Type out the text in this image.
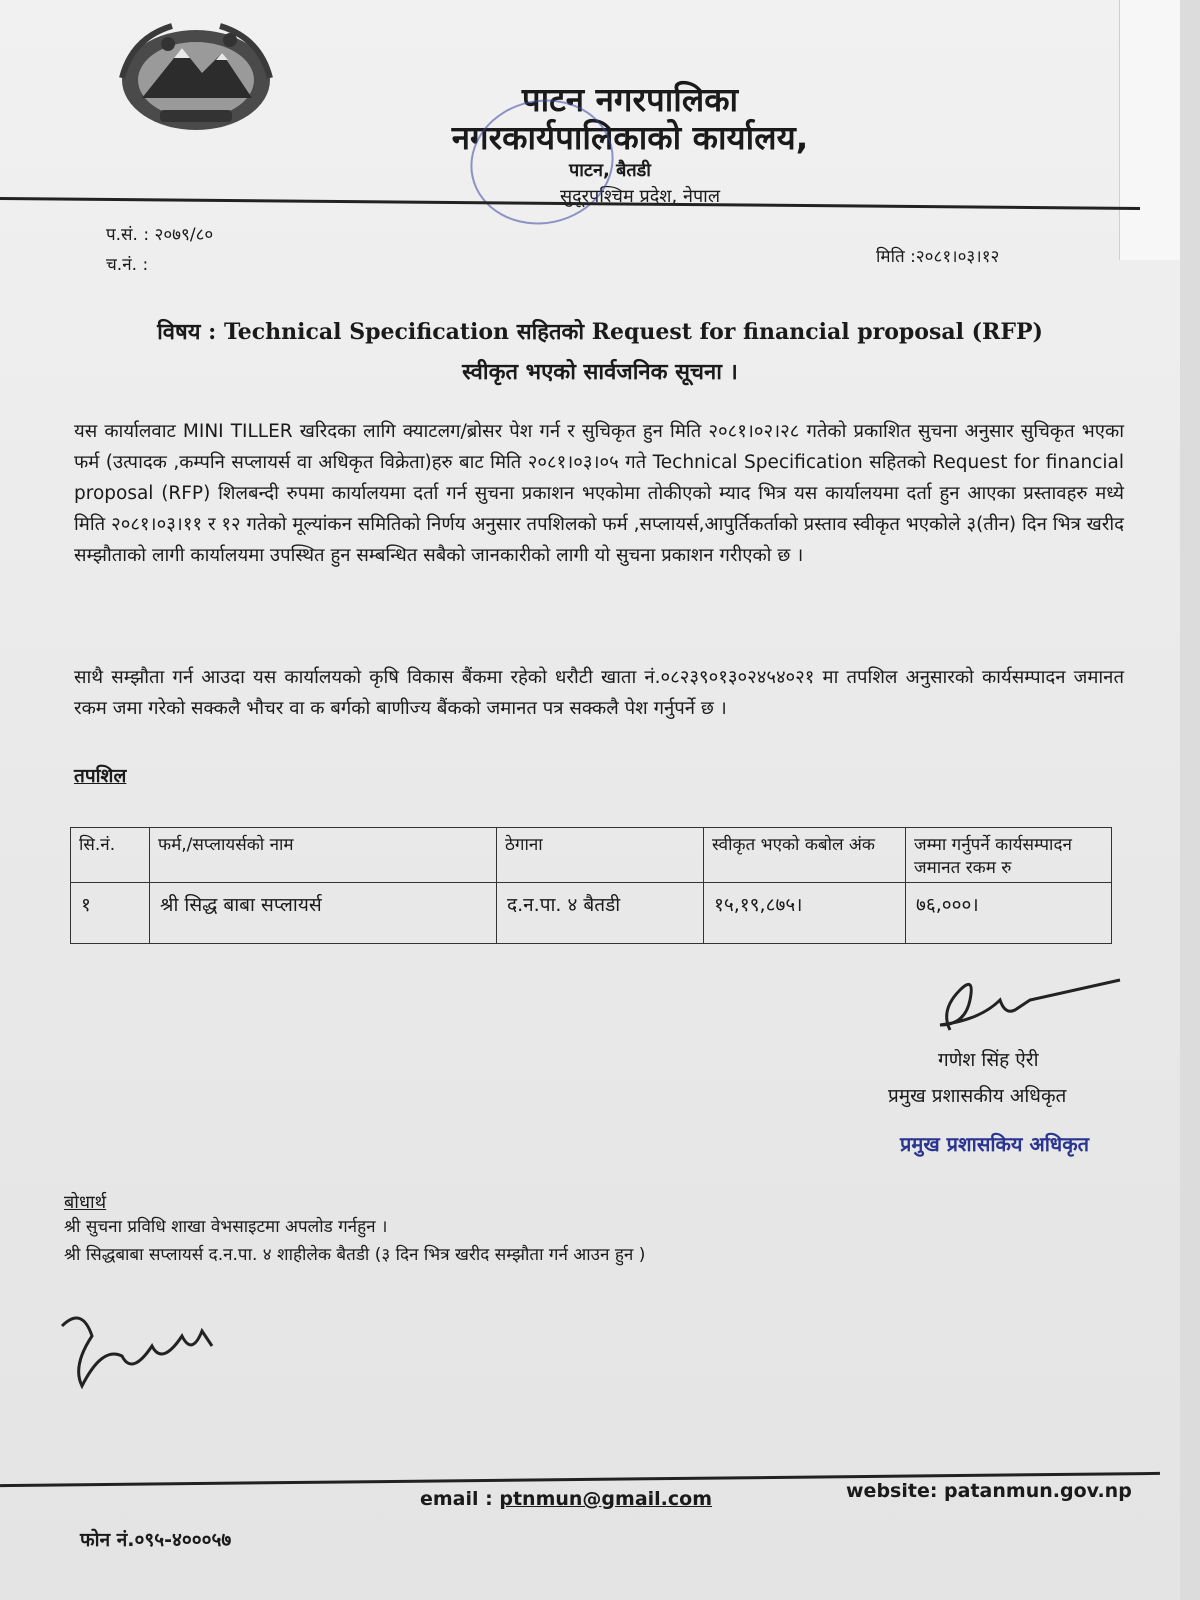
पाटन नगरपालिका
नगरकार्यपालिकाको कार्यालय,
पाटन, बैतडी
सुदूरपश्चिम प्रदेश, नेपाल
प.सं. : २०७९/८०
च.नं. :	मिति :२०८१।०३।१२
विषय : Technical Specification सहितको Request for financial proposal (RFP)
स्वीकृत भएको सार्वजनिक सूचना ।
यस कार्यालवाट MINI TILLER खरिदका लागि क्याटलग/ब्रोसर पेश गर्न र सुचिकृत हुन मिति २०८१।०२।२८ गतेको प्रकाशित सुचना अनुसार सुचिकृत भएका फर्म (उत्पादक ,कम्पनि सप्लायर्स वा अधिकृत विक्रेता)हरु बाट मिति २०८१।०३।०५ गते Technical Specification सहितको Request for financial proposal (RFP) शिलबन्दी रुपमा कार्यालयमा दर्ता गर्न सुचना प्रकाशन भएकोमा तोकीएको म्याद भित्र यस कार्यालयमा दर्ता हुन आएका प्रस्तावहरु मध्ये मिति २०८१।०३।११ र १२ गतेको मूल्यांकन समितिको निर्णय अनुसार तपशिलको फर्म ,सप्लायर्स,आपुर्तिकर्ताको प्रस्ताव स्वीकृत भएकोले ३(तीन) दिन भित्र खरीद सम्झौताको लागी कार्यालयमा उपस्थित हुन सम्बन्धित सबैको जानकारीको लागी यो सुचना प्रकाशन गरीएको छ ।
साथै सम्झौता गर्न आउदा यस कार्यालयको कृषि विकास बैंकमा रहेको धरौटी खाता नं.०८२३९०१३०२४५४०२१ मा तपशिल अनुसारको कार्यसम्पादन जमानत रकम जमा गरेको सक्कलै भौचर वा क बर्गको बाणीज्य बैंकको जमानत पत्र सक्कलै पेश गर्नुपर्ने छ ।
तपशिल
सि.नं.	फर्म,/सप्लायर्सको नाम	ठेगाना	स्वीकृत भएको कबोल अंक	जम्मा गर्नुपर्ने कार्यसम्पादन जमानत रकम रु
१	श्री सिद्ध बाबा सप्लायर्स	द.न.पा. ४ बैतडी	१५,१९,८७५।	७६,०००।
गणेश सिंह ऐरी
प्रमुख प्रशासकीय अधिकृत
प्रमुख प्रशासकिय अधिकृत
बोधार्थ
श्री सुचना प्रविधि शाखा वेभसाइटमा अपलोड गर्नहुन ।
श्री सिद्धबाबा सप्लायर्स द.न.पा. ४ शाहीलेक बैतडी (३ दिन भित्र खरीद सम्झौता गर्न आउन हुन )
email : ptnmun@gmail.com	website: patanmun.gov.np
फोन नं.०९५-४०००५७
